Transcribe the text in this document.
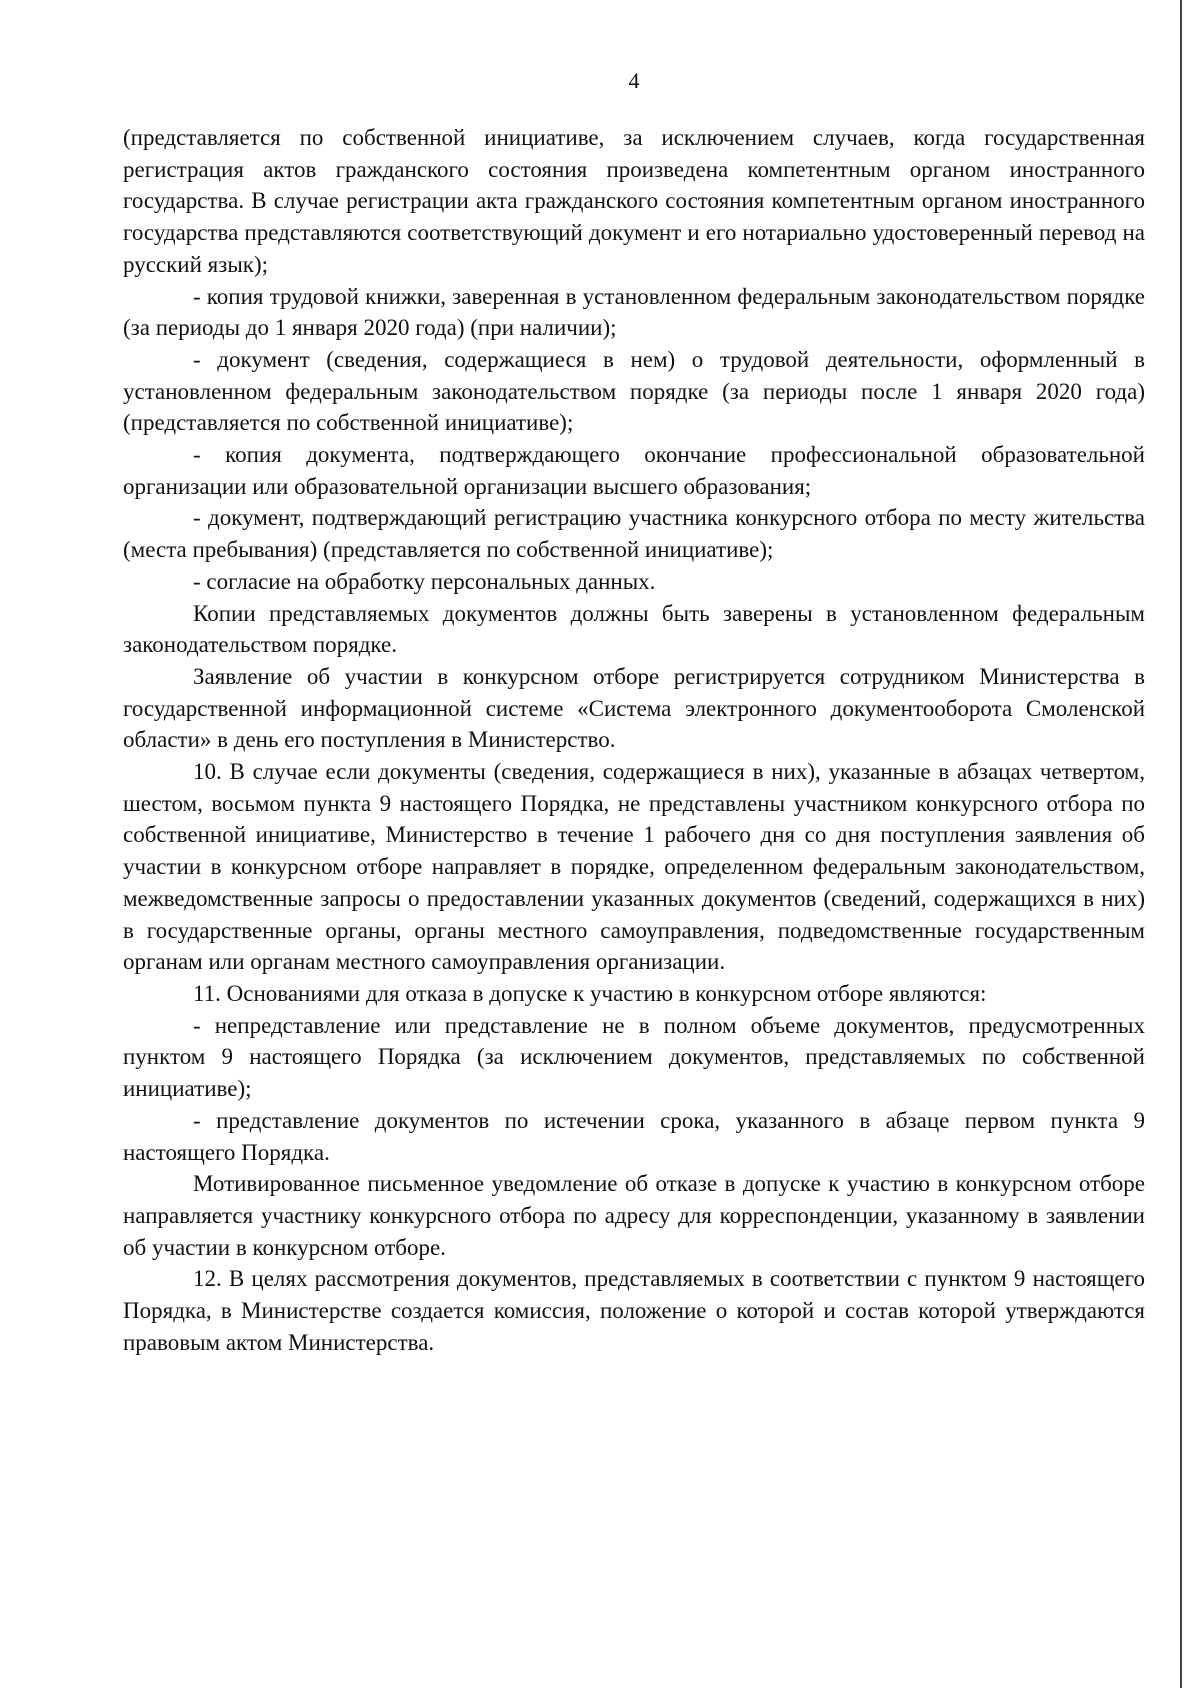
4

(представляется по собственной инициативе, за исключением случаев, когда государственная регистрация актов гражданского состояния произведена компетентным органом иностранного государства. В случае регистрации акта гражданского состояния компетентным органом иностранного государства представляются соответствующий документ и его нотариально удостоверенный перевод на русский язык);

- копия трудовой книжки, заверенная в установленном федеральным законодательством порядке (за периоды до 1 января 2020 года) (при наличии);

- документ (сведения, содержащиеся в нем) о трудовой деятельности, оформленный в установленном федеральным законодательством порядке (за периоды после 1 января 2020 года) (представляется по собственной инициативе);

- копия документа, подтверждающего окончание профессиональной образовательной организации или образовательной организации высшего образования;

- документ, подтверждающий регистрацию участника конкурсного отбора по месту жительства (места пребывания) (представляется по собственной инициативе);

- согласие на обработку персональных данных.

Копии представляемых документов должны быть заверены в установленном федеральным законодательством порядке.

Заявление об участии в конкурсном отборе регистрируется сотрудником Министерства в государственной информационной системе «Система электронного документооборота Смоленской области» в день его поступления в Министерство.

10. В случае если документы (сведения, содержащиеся в них), указанные в абзацах четвертом, шестом, восьмом пункта 9 настоящего Порядка, не представлены участником конкурсного отбора по собственной инициативе, Министерство в течение 1 рабочего дня со дня поступления заявления об участии в конкурсном отборе направляет в порядке, определенном федеральным законодательством, межведомственные запросы о предоставлении указанных документов (сведений, содержащихся в них) в государственные органы, органы местного самоуправления, подведомственные государственным органам или органам местного самоуправления организации.

11. Основаниями для отказа в допуске к участию в конкурсном отборе являются:

- непредставление или представление не в полном объеме документов, предусмотренных пунктом 9 настоящего Порядка (за исключением документов, представляемых по собственной инициативе);

- представление документов по истечении срока, указанного в абзаце первом пункта 9 настоящего Порядка.

Мотивированное письменное уведомление об отказе в допуске к участию в конкурсном отборе направляется участнику конкурсного отбора по адресу для корреспонденции, указанному в заявлении об участии в конкурсном отборе.

12. В целях рассмотрения документов, представляемых в соответствии с пунктом 9 настоящего Порядка, в Министерстве создается комиссия, положение о которой и состав которой утверждаются правовым актом Министерства.
